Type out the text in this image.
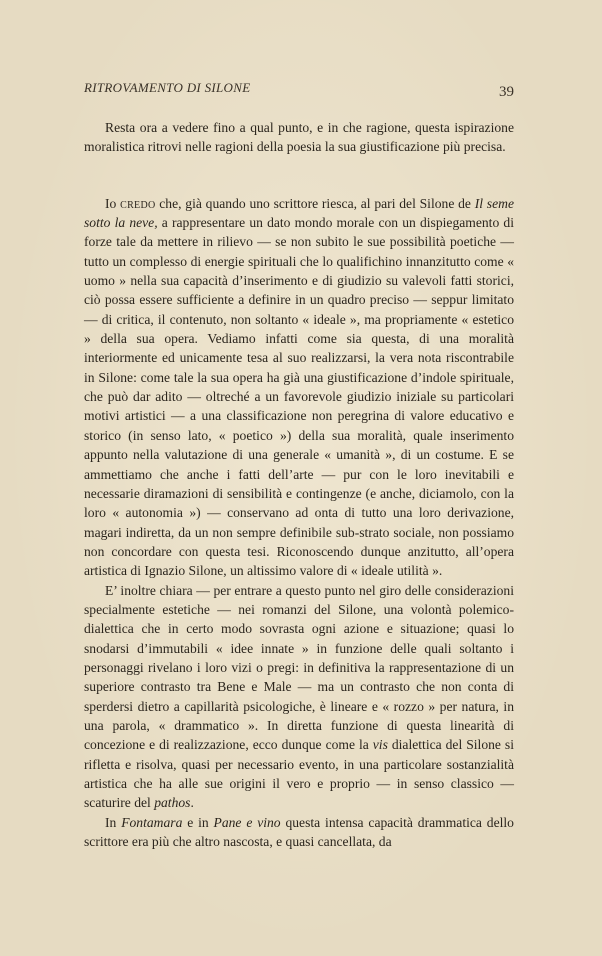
RITROVAMENTO DI SILONE	39

Resta ora a vedere fino a qual punto, e in che ragione, questa ispirazione moralistica ritrovi nelle ragioni della poesia la sua giustificazione più precisa.

Io credo che, già quando uno scrittore riesca, al pari del Silone de Il seme sotto la neve, a rappresentare un dato mondo morale con un dispiegamento di forze tale da mettere in rilievo — se non subito le sue possibilità poetiche — tutto un complesso di energie spirituali che lo qualifichino innanzitutto come « uomo » nella sua capacità d’inserimento e di giudizio su valevoli fatti storici, ciò possa essere sufficiente a definire in un quadro preciso — seppur limitato — di critica, il contenuto, non soltanto « ideale », ma propriamente « estetico » della sua opera. Vediamo infatti come sia questa, di una moralità interiormente ed unicamente tesa al suo realizzarsi, la vera nota riscontrabile in Silone: come tale la sua opera ha già una giustificazione d’indole spirituale, che può dar adito — oltreché a un favorevole giudizio iniziale su particolari motivi artistici — a una classificazione non peregrina di valore educativo e storico (in senso lato, « poetico ») della sua moralità, quale inserimento appunto nella valutazione di una generale « umanità », di un costume. E se ammettiamo che anche i fatti dell’arte — pur con le loro inevitabili e necessarie diramazioni di sensibilità e contingenze (e anche, diciamolo, con la loro « autonomia ») — conservano ad onta di tutto una loro derivazione, magari indiretta, da un non sempre definibile sub-strato sociale, non possiamo non concordare con questa tesi. Riconoscendo dunque anzitutto, all’opera artistica di Ignazio Silone, un altissimo valore di « ideale utilità ».

E’ inoltre chiara — per entrare a questo punto nel giro delle considerazioni specialmente estetiche — nei romanzi del Silone, una volontà polemico-dialettica che in certo modo sovrasta ogni azione e situazione; quasi lo snodarsi d’immutabili « idee innate » in funzione delle quali soltanto i personaggi rivelano i loro vizi o pregi: in definitiva la rappresentazione di un superiore contrasto tra Bene e Male — ma un contrasto che non conta di sperdersi dietro a capillarità psicologiche, è lineare e « rozzo » per natura, in una parola, « drammatico ». In diretta funzione di questa linearità di concezione e di realizzazione, ecco dunque come la vis dialettica del Silone si rifletta e risolva, quasi per necessario evento, in una particolare sostanzialità artistica che ha alle sue origini il vero e proprio — in senso classico — scaturire del pathos.

In Fontamara e in Pane e vino questa intensa capacità drammatica dello scrittore era più che altro nascosta, e quasi cancellata, da
